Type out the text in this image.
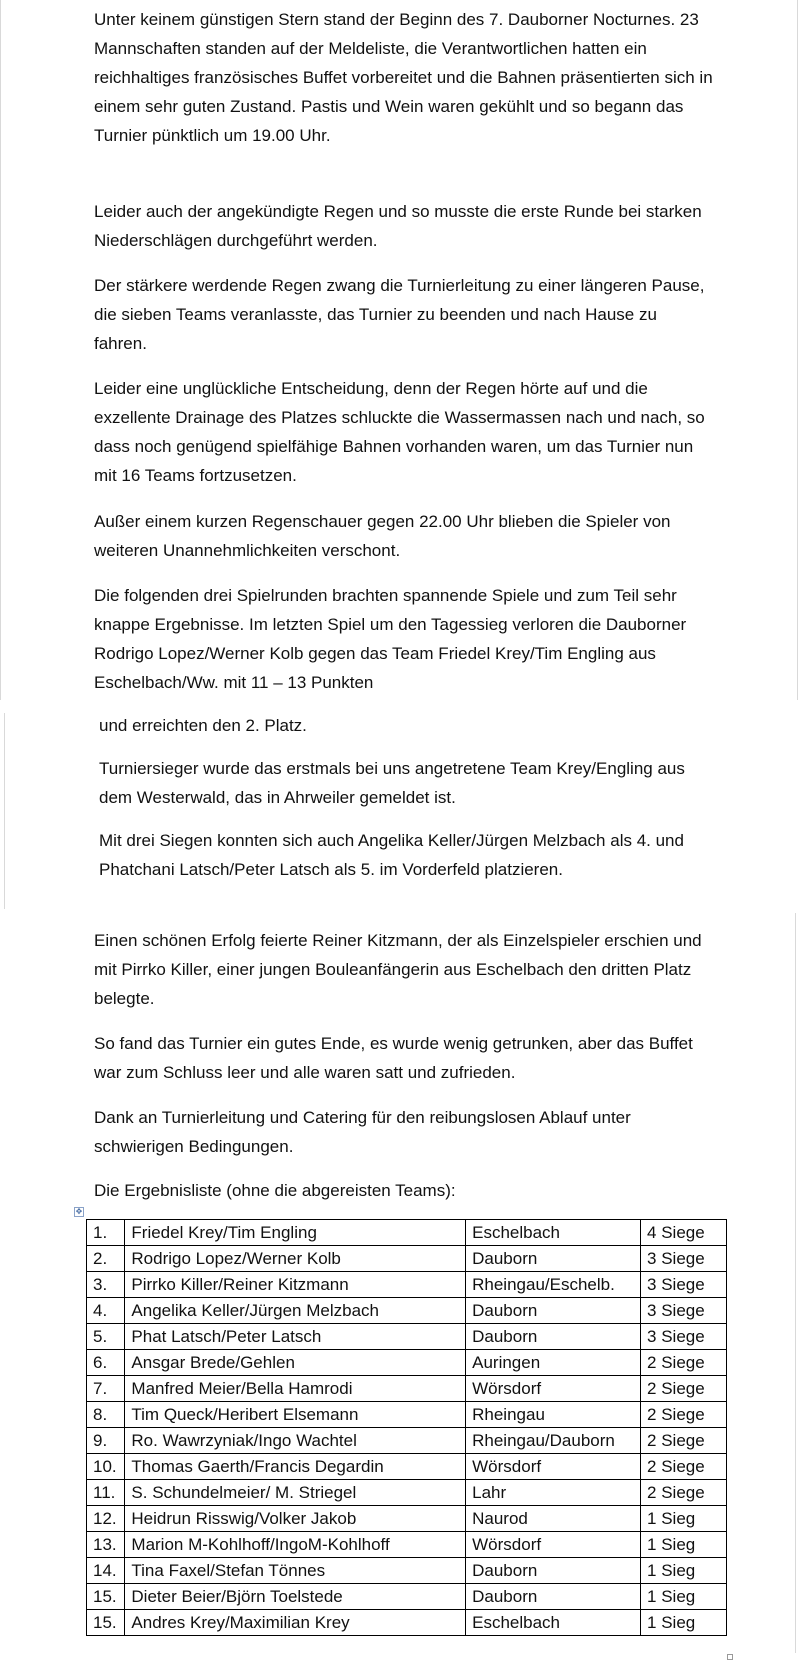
Unter keinem günstigen Stern stand der Beginn des 7. Dauborner Nocturnes. 23 Mannschaften standen auf der Meldeliste, die Verantwortlichen hatten ein reichhaltiges französisches Buffet vorbereitet und die Bahnen präsentierten sich in einem sehr guten Zustand. Pastis und Wein waren gekühlt und so begann das Turnier pünktlich um 19.00 Uhr.

Leider auch der angekündigte Regen und so musste die erste Runde bei starken Niederschlägen durchgeführt werden.

Der stärkere werdende Regen zwang die Turnierleitung zu einer längeren Pause, die sieben Teams veranlasste, das Turnier zu beenden und nach Hause zu fahren.

Leider eine unglückliche Entscheidung, denn der Regen hörte auf und die exzellente Drainage des Platzes schluckte die Wassermassen nach und nach, so dass noch genügend spielfähige Bahnen vorhanden waren, um das Turnier nun mit 16 Teams fortzusetzen.

Außer einem kurzen Regenschauer gegen 22.00 Uhr blieben die Spieler von weiteren Unannehmlichkeiten verschont.

Die folgenden drei Spielrunden brachten spannende Spiele und zum Teil sehr knappe Ergebnisse. Im letzten Spiel um den Tagessieg verloren die Dauborner Rodrigo Lopez/Werner Kolb gegen das Team Friedel Krey/Tim Engling aus Eschelbach/Ww. mit 11 – 13 Punkten

und erreichten den 2. Platz.

Turniersieger wurde das erstmals bei uns angetretene Team Krey/Engling aus dem Westerwald, das in Ahrweiler gemeldet ist.

Mit drei Siegen konnten sich auch Angelika Keller/Jürgen Melzbach als 4. und Phatchani Latsch/Peter Latsch als 5. im Vorderfeld platzieren.

Einen schönen Erfolg feierte Reiner Kitzmann, der als Einzelspieler erschien und mit Pirrko Killer, einer jungen Bouleanfängerin aus Eschelbach den dritten Platz belegte.

So fand das Turnier ein gutes Ende, es wurde wenig getrunken, aber das Buffet war zum Schluss leer und alle waren satt und zufrieden.

Dank an Turnierleitung und Catering für den reibungslosen Ablauf unter schwierigen Bedingungen.

Die Ergebnisliste (ohne die abgereisten Teams):

✥
1.	Friedel Krey/Tim Engling	Eschelbach	4 Siege
2.	Rodrigo Lopez/Werner Kolb	Dauborn	3 Siege
3.	Pirrko Killer/Reiner Kitzmann	Rheingau/Eschelb.	3 Siege
4.	Angelika Keller/Jürgen Melzbach	Dauborn	3 Siege
5.	Phat Latsch/Peter Latsch	Dauborn	3 Siege
6.	Ansgar Brede/Gehlen	Auringen	2 Siege
7.	Manfred Meier/Bella Hamrodi	Wörsdorf	2 Siege
8.	Tim Queck/Heribert Elsemann	Rheingau	2 Siege
9.	Ro. Wawrzyniak/Ingo Wachtel	Rheingau/Dauborn	2 Siege
10.	Thomas Gaerth/Francis Degardin	Wörsdorf	2 Siege
11.	S. Schundelmeier/ M. Striegel	Lahr	2 Siege
12.	Heidrun Risswig/Volker Jakob	Naurod	1 Sieg
13.	Marion M-Kohlhoff/IngoM-Kohlhoff	Wörsdorf	1 Sieg
14.	Tina Faxel/Stefan Tönnes	Dauborn	1 Sieg
15.	Dieter Beier/Björn Toelstede	Dauborn	1 Sieg
15.	Andres Krey/Maximilian Krey	Eschelbach	1 Sieg
